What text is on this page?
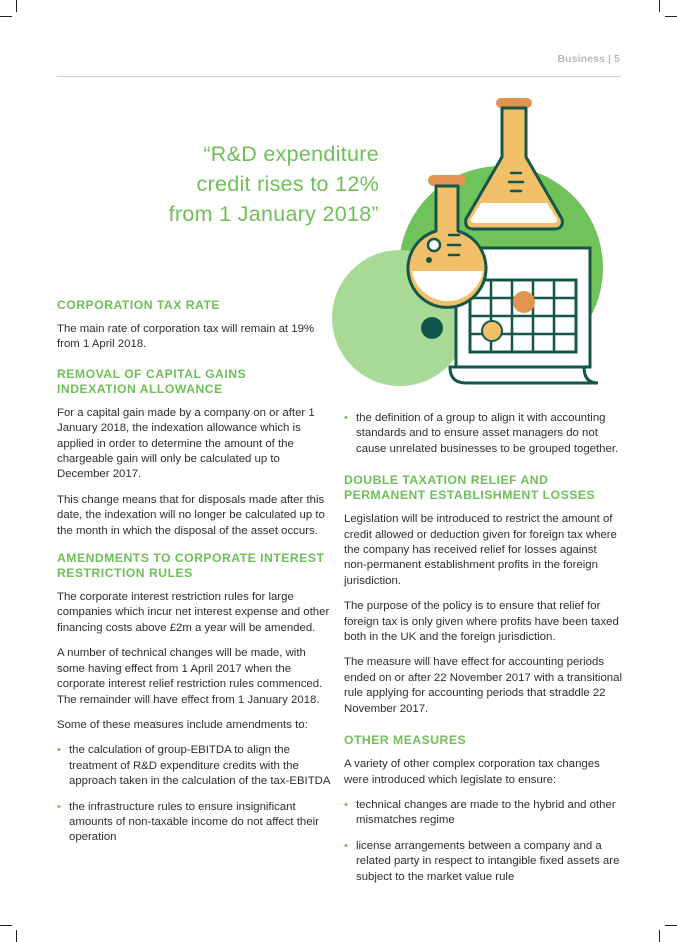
Business | 5
“R&D expenditure
credit rises to 12%
from 1 January 2018”
CORPORATION TAX RATE

The main rate of corporation tax will remain at 19% from 1 April 2018.

REMOVAL OF CAPITAL GAINS
INDEXATION ALLOWANCE

For a capital gain made by a company on or after 1 January 2018, the indexation allowance which is applied in order to determine the amount of the chargeable gain will only be calculated up to December 2017.

This change means that for disposals made after this date, the indexation will no longer be calculated up to the month in which the disposal of the asset occurs.

AMENDMENTS TO CORPORATE INTEREST
RESTRICTION RULES

The corporate interest restriction rules for large companies which incur net interest expense and other financing costs above £2m a year will be amended.

A number of technical changes will be made, with some having effect from 1 April 2017 when the corporate interest relief restriction rules commenced. The remainder will have effect from 1 January 2018.

Some of these measures include amendments to:

• the calculation of group-EBITDA to align the treatment of R&D expenditure credits with the approach taken in the calculation of the tax-EBITDA
• the infrastructure rules to ensure insignificant amounts of non-taxable income do not affect their operation
• the definition of a group to align it with accounting standards and to ensure asset managers do not cause unrelated businesses to be grouped together.
DOUBLE TAXATION RELIEF AND
PERMANENT ESTABLISHMENT LOSSES

Legislation will be introduced to restrict the amount of credit allowed or deduction given for foreign tax where the company has received relief for losses against non-permanent establishment profits in the foreign jurisdiction.

The purpose of the policy is to ensure that relief for foreign tax is only given where profits have been taxed both in the UK and the foreign jurisdiction.

The measure will have effect for accounting periods ended on or after 22 November 2017 with a transitional rule applying for accounting periods that straddle 22 November 2017.

OTHER MEASURES

A variety of other complex corporation tax changes were introduced which legislate to ensure:

• technical changes are made to the hybrid and other mismatches regime
• license arrangements between a company and a related party in respect to intangible fixed assets are subject to the market value rule
